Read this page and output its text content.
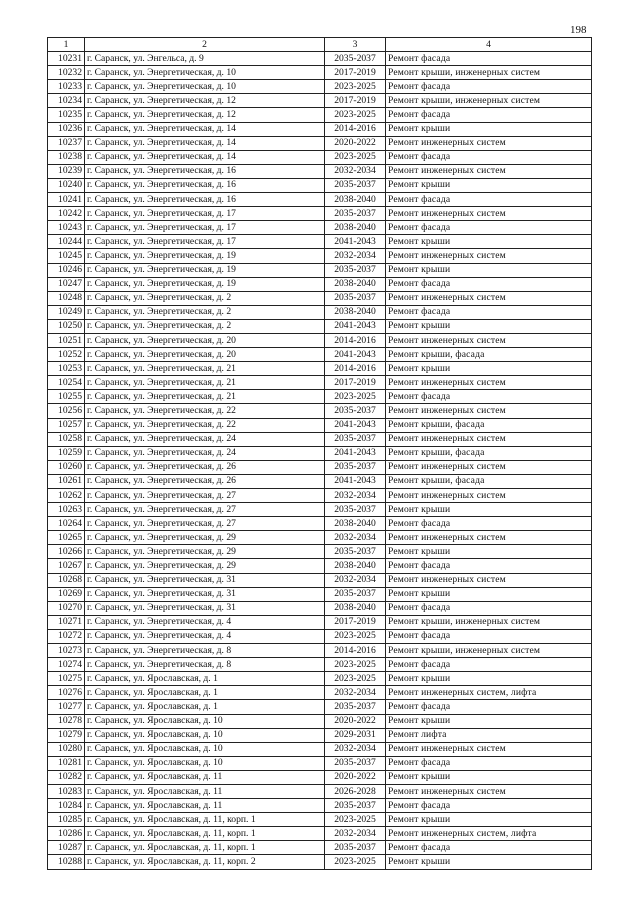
198
1	2	3	4
10231	г. Саранск, ул. Энгельса, д. 9	2035-2037	Ремонт фасада
10232	г. Саранск, ул. Энергетическая, д. 10	2017-2019	Ремонт крыши, инженерных систем
10233	г. Саранск, ул. Энергетическая, д. 10	2023-2025	Ремонт фасада
10234	г. Саранск, ул. Энергетическая, д. 12	2017-2019	Ремонт крыши, инженерных систем
10235	г. Саранск, ул. Энергетическая, д. 12	2023-2025	Ремонт фасада
10236	г. Саранск, ул. Энергетическая, д. 14	2014-2016	Ремонт крыши
10237	г. Саранск, ул. Энергетическая, д. 14	2020-2022	Ремонт инженерных систем
10238	г. Саранск, ул. Энергетическая, д. 14	2023-2025	Ремонт фасада
10239	г. Саранск, ул. Энергетическая, д. 16	2032-2034	Ремонт инженерных систем
10240	г. Саранск, ул. Энергетическая, д. 16	2035-2037	Ремонт крыши
10241	г. Саранск, ул. Энергетическая, д. 16	2038-2040	Ремонт фасада
10242	г. Саранск, ул. Энергетическая, д. 17	2035-2037	Ремонт инженерных систем
10243	г. Саранск, ул. Энергетическая, д. 17	2038-2040	Ремонт фасада
10244	г. Саранск, ул. Энергетическая, д. 17	2041-2043	Ремонт крыши
10245	г. Саранск, ул. Энергетическая, д. 19	2032-2034	Ремонт инженерных систем
10246	г. Саранск, ул. Энергетическая, д. 19	2035-2037	Ремонт крыши
10247	г. Саранск, ул. Энергетическая, д. 19	2038-2040	Ремонт фасада
10248	г. Саранск, ул. Энергетическая, д. 2	2035-2037	Ремонт инженерных систем
10249	г. Саранск, ул. Энергетическая, д. 2	2038-2040	Ремонт фасада
10250	г. Саранск, ул. Энергетическая, д. 2	2041-2043	Ремонт крыши
10251	г. Саранск, ул. Энергетическая, д. 20	2014-2016	Ремонт инженерных систем
10252	г. Саранск, ул. Энергетическая, д. 20	2041-2043	Ремонт крыши, фасада
10253	г. Саранск, ул. Энергетическая, д. 21	2014-2016	Ремонт крыши
10254	г. Саранск, ул. Энергетическая, д. 21	2017-2019	Ремонт инженерных систем
10255	г. Саранск, ул. Энергетическая, д. 21	2023-2025	Ремонт фасада
10256	г. Саранск, ул. Энергетическая, д. 22	2035-2037	Ремонт инженерных систем
10257	г. Саранск, ул. Энергетическая, д. 22	2041-2043	Ремонт крыши, фасада
10258	г. Саранск, ул. Энергетическая, д. 24	2035-2037	Ремонт инженерных систем
10259	г. Саранск, ул. Энергетическая, д. 24	2041-2043	Ремонт крыши, фасада
10260	г. Саранск, ул. Энергетическая, д. 26	2035-2037	Ремонт инженерных систем
10261	г. Саранск, ул. Энергетическая, д. 26	2041-2043	Ремонт крыши, фасада
10262	г. Саранск, ул. Энергетическая, д. 27	2032-2034	Ремонт инженерных систем
10263	г. Саранск, ул. Энергетическая, д. 27	2035-2037	Ремонт крыши
10264	г. Саранск, ул. Энергетическая, д. 27	2038-2040	Ремонт фасада
10265	г. Саранск, ул. Энергетическая, д. 29	2032-2034	Ремонт инженерных систем
10266	г. Саранск, ул. Энергетическая, д. 29	2035-2037	Ремонт крыши
10267	г. Саранск, ул. Энергетическая, д. 29	2038-2040	Ремонт фасада
10268	г. Саранск, ул. Энергетическая, д. 31	2032-2034	Ремонт инженерных систем
10269	г. Саранск, ул. Энергетическая, д. 31	2035-2037	Ремонт крыши
10270	г. Саранск, ул. Энергетическая, д. 31	2038-2040	Ремонт фасада
10271	г. Саранск, ул. Энергетическая, д. 4	2017-2019	Ремонт крыши, инженерных систем
10272	г. Саранск, ул. Энергетическая, д. 4	2023-2025	Ремонт фасада
10273	г. Саранск, ул. Энергетическая, д. 8	2014-2016	Ремонт крыши, инженерных систем
10274	г. Саранск, ул. Энергетическая, д. 8	2023-2025	Ремонт фасада
10275	г. Саранск, ул. Ярославская, д. 1	2023-2025	Ремонт крыши
10276	г. Саранск, ул. Ярославская, д. 1	2032-2034	Ремонт инженерных систем, лифта
10277	г. Саранск, ул. Ярославская, д. 1	2035-2037	Ремонт фасада
10278	г. Саранск, ул. Ярославская, д. 10	2020-2022	Ремонт крыши
10279	г. Саранск, ул. Ярославская, д. 10	2029-2031	Ремонт лифта
10280	г. Саранск, ул. Ярославская, д. 10	2032-2034	Ремонт инженерных систем
10281	г. Саранск, ул. Ярославская, д. 10	2035-2037	Ремонт фасада
10282	г. Саранск, ул. Ярославская, д. 11	2020-2022	Ремонт крыши
10283	г. Саранск, ул. Ярославская, д. 11	2026-2028	Ремонт инженерных систем
10284	г. Саранск, ул. Ярославская, д. 11	2035-2037	Ремонт фасада
10285	г. Саранск, ул. Ярославская, д. 11, корп. 1	2023-2025	Ремонт крыши
10286	г. Саранск, ул. Ярославская, д. 11, корп. 1	2032-2034	Ремонт инженерных систем, лифта
10287	г. Саранск, ул. Ярославская, д. 11, корп. 1	2035-2037	Ремонт фасада
10288	г. Саранск, ул. Ярославская, д. 11, корп. 2	2023-2025	Ремонт крыши
